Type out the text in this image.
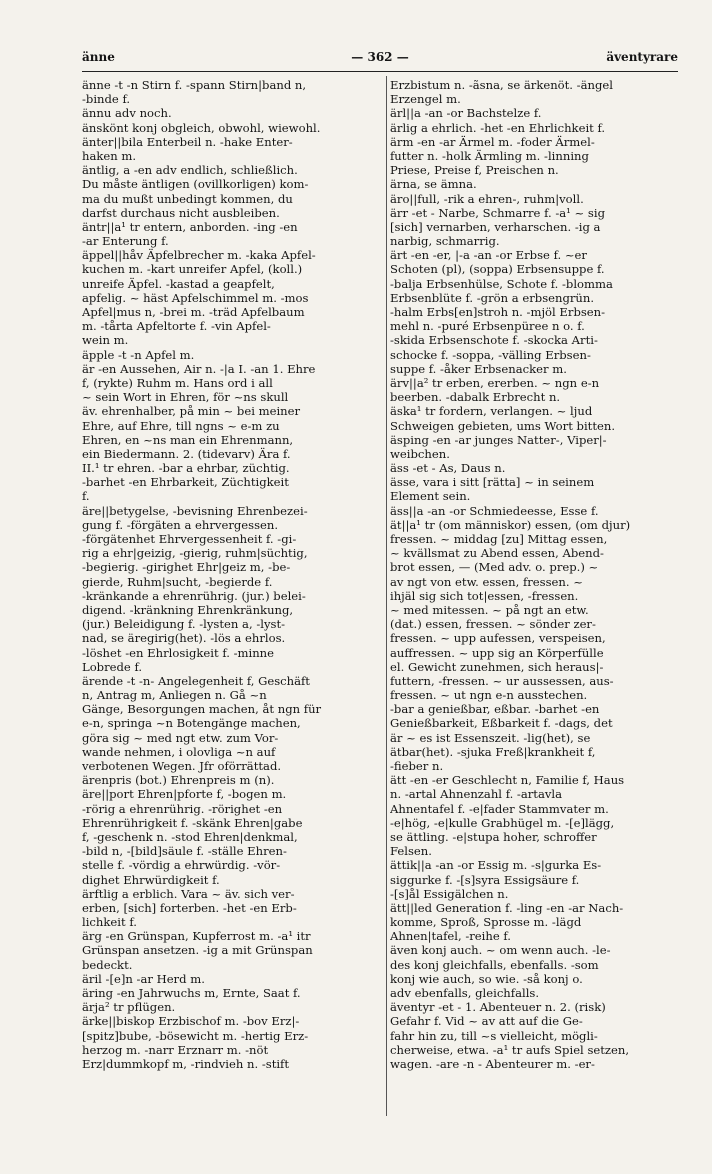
änne	— 362 —	äventyrare
änne -t -n Stirn f. -spann Stirn|band n,
-binde f.
ännu adv noch.
änskönt konj obgleich, obwohl, wiewohl.
änter||bila Enterbeil n. -hake Enter-
haken m.
äntlig, a -en adv endlich, schließlich.
Du måste äntligen (ovillkorligen) kom-
ma du mußt unbedingt kommen, du
darfst durchaus nicht ausbleiben.
äntr||a¹ tr entern, anborden. -ing -en
-ar Enterung f.
äppel||håv Äpfelbrecher m. -kaka Apfel-
kuchen m. -kart unreifer Apfel, (koll.)
unreife Äpfel. -kastad a geapfelt,
apfelig. ~ häst Apfelschimmel m. -mos
Apfel|mus n, -brei m. -träd Apfelbaum
m. -tårta Apfeltorte f. -vin Apfel-
wein m.
äpple -t -n Apfel m.
är -en Aussehen, Air n. -|a I. -an 1. Ehre
f, (rykte) Ruhm m. Hans ord i all
~ sein Wort in Ehren, för ~ns skull
äv. ehrenhalber, på min ~ bei meiner
Ehre, auf Ehre, till ngns ~ e-m zu
Ehren, en ~ns man ein Ehrenmann,
ein Biedermann. 2. (tidevarv) Ära f.
II.¹ tr ehren. -bar a ehrbar, züchtig.
-barhet -en Ehrbarkeit, Züchtigkeit
f.
äre||betygelse, -bevisning Ehrenbezei-
gung f. -förgäten a ehrvergessen.
-förgätenhet Ehrvergessenheit f. -gi-
rig a ehr|geizig, -gierig, ruhm|süchtig,
-begierig. -girighet Ehr|geiz m, -be-
gierde, Ruhm|sucht, -begierde f.
-kränkande a ehrenrührig. (jur.) belei-
digend. -kränkning Ehrenkränkung,
(jur.) Beleidigung f. -lysten a, -lyst-
nad, se äregirig(het). -lös a ehrlos.
-löshet -en Ehrlosigkeit f. -minne
Lobrede f.
ärende -t -n- Angelegenheit f, Geschäft
n, Antrag m, Anliegen n. Gå ~n
Gänge, Besorgungen machen, åt ngn für
e-n, springa ~n Botengänge machen,
göra sig ~ med ngt etw. zum Vor-
wande nehmen, i olovliga ~n auf
verbotenen Wegen. Jfr oförrättad.
ärenpris (bot.) Ehrenpreis m (n).
äre||port Ehren|pforte f, -bogen m.
-rörig a ehrenrührig. -rörighet -en
Ehrenrührigkeit f. -skänk Ehren|gabe
f, -geschenk n. -stod Ehren|denkmal,
-bild n, -[bild]säule f. -ställe Ehren-
stelle f. -vördig a ehrwürdig. -vör-
dighet Ehrwürdigkeit f.
ärftlig a erblich. Vara ~ äv. sich ver-
erben, [sich] forterben. -het -en Erb-
lichkeit f.
ärg -en Grünspan, Kupferrost m. -a¹ itr
Grünspan ansetzen. -ig a mit Grünspan
bedeckt.
äril -[e]n -ar Herd m.
äring -en Jahrwuchs m, Ernte, Saat f.
ärja² tr pflügen.
ärke||biskop Erzbischof m. -bov Erz|-
[spitz]bube, -bösewicht m. -hertig Erz-
herzog m. -narr Erznarr m. -nöt
Erz|dummkopf m, -rindvieh n. -stift
Erzbistum n. -ãsna, se ärkenöt. -ängel
Erzengel m.
ärl||a -an -or Bachstelze f.
ärlig a ehrlich. -het -en Ehrlichkeit f.
ärm -en -ar Ärmel m. -foder Ärmel-
futter n. -holk Ärmling m. -linning
Priese, Preise f, Preischen n.
ärna, se ämna.
äro||full, -rik a ehren-, ruhm|voll.
ärr -et - Narbe, Schmarre f. -a¹ ~ sig
[sich] vernarben, verharschen. -ig a
narbig, schmarrig.
ärt -en -er, |-a -an -or Erbse f. ~er
Schoten (pl), (soppa) Erbsensuppe f.
-balja Erbsenhülse, Schote f. -blomma
Erbsenblüte f. -grön a erbsengrün.
-halm Erbs[en]stroh n. -mjöl Erbsen-
mehl n. -puré Erbsenpüree n o. f.
-skida Erbsenschote f. -skocka Arti-
schocke f. -soppa, -välling Erbsen-
suppe f. -åker Erbsenacker m.
ärv||a² tr erben, ererben. ~ ngn e-n
beerben. -dabalk Erbrecht n.
äska¹ tr fordern, verlangen. ~ ljud
Schweigen gebieten, ums Wort bitten.
äsping -en -ar junges Natter-, Viper|-
weibchen.
äss -et - As, Daus n.
ässe, vara i sitt [rätta] ~ in seinem
Element sein.
äss||a -an -or Schmiedeesse, Esse f.
ät||a¹ tr (om människor) essen, (om djur)
fressen. ~ middag [zu] Mittag essen,
~ kvällsmat zu Abend essen, Abend-
brot essen, — (Med adv. o. prep.) ~
av ngt von etw. essen, fressen. ~
ihjäl sig sich tot|essen, -fressen.
~ med mitessen. ~ på ngt an etw.
(dat.) essen, fressen. ~ sönder zer-
fressen. ~ upp aufessen, verspeisen,
auffressen. ~ upp sig an Körperfülle
el. Gewicht zunehmen, sich heraus|-
futtern, -fressen. ~ ur aussessen, aus-
fressen. ~ ut ngn e-n ausstechen.
-bar a genießbar, eßbar. -barhet -en
Genießbarkeit, Eßbarkeit f. -dags, det
är ~ es ist Essenszeit. -lig(het), se
ätbar(het). -sjuka Freß|krankheit f,
-fieber n.
ätt -en -er Geschlecht n, Familie f, Haus
n. -artal Ahnenzahl f. -artavla
Ahnentafel f. -e|fader Stammvater m.
-e|hög, -e|kulle Grabhügel m. -[e]lägg,
se ättling. -e|stupa hoher, schroffer
Felsen.
ättik||a -an -or Essig m. -s|gurka Es-
siggurke f. -[s]syra Essigsäure f.
-[s]ål Essigälchen n.
ätt||led Generation f. -ling -en -ar Nach-
komme, Sproß, Sprosse m. -lägd
Ahnen|tafel, -reihe f.
även konj auch. ~ om wenn auch. -le-
des konj gleichfalls, ebenfalls. -som
konj wie auch, so wie. -så konj o.
adv ebenfalls, gleichfalls.
äventyr -et - 1. Abenteuer n. 2. (risk)
Gefahr f. Vid ~ av att auf die Ge-
fahr hin zu, till ~s vielleicht, mögli-
cherweise, etwa. -a¹ tr aufs Spiel setzen,
wagen. -are -n - Abenteurer m. -er-
